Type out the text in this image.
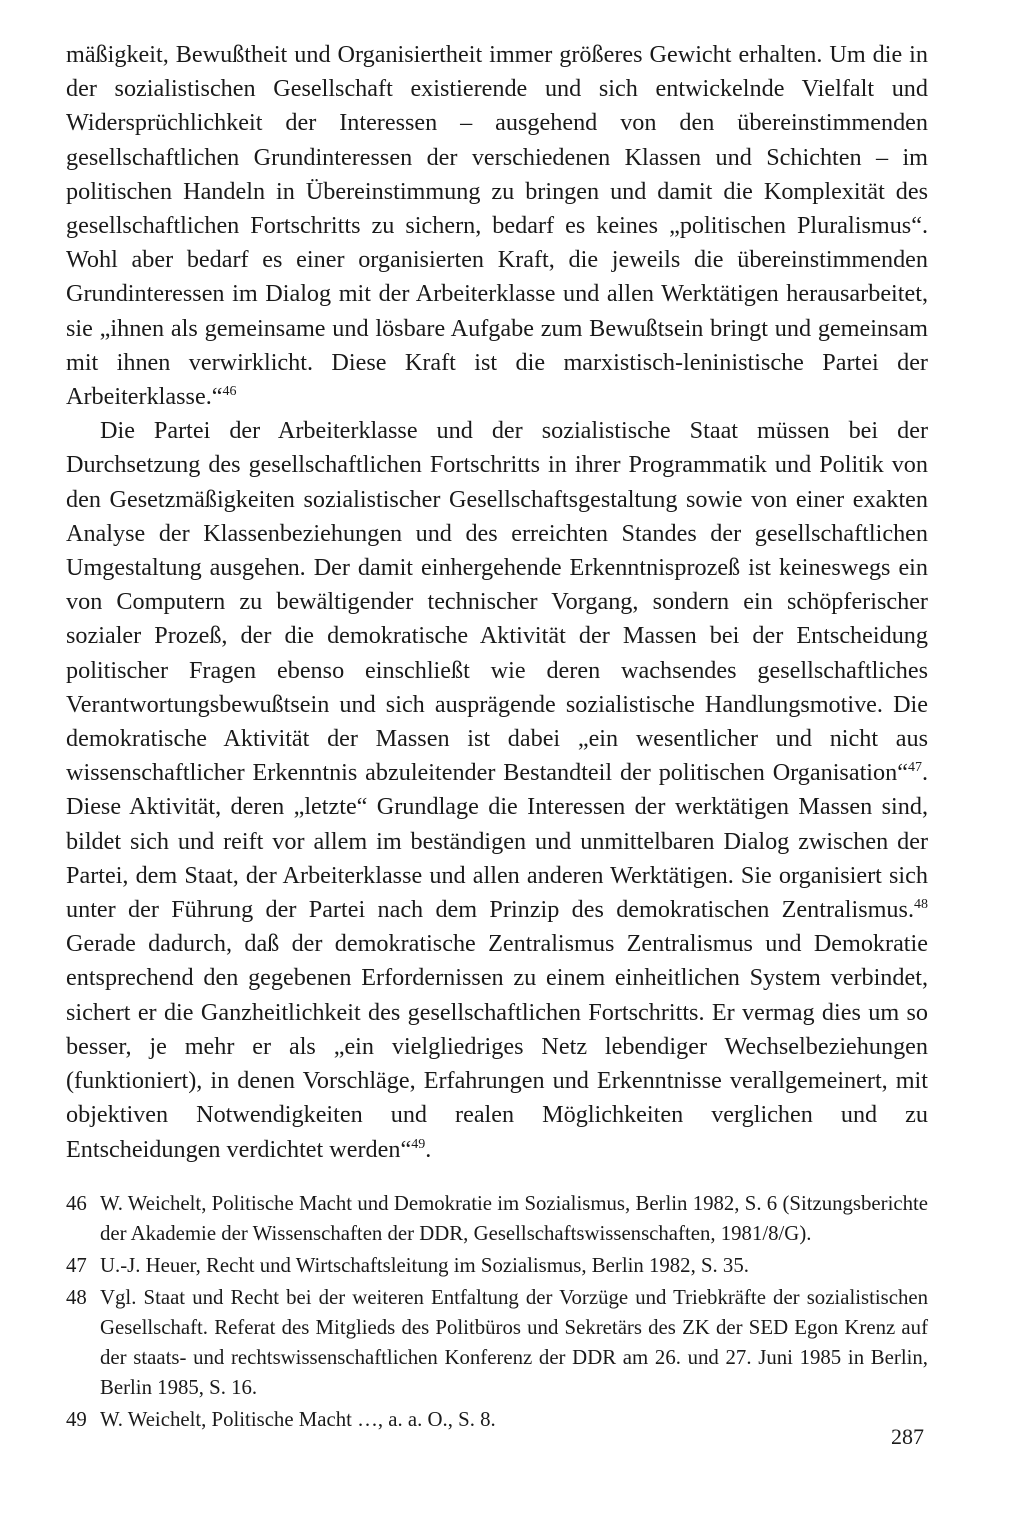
mäßigkeit, Bewußtheit und Organisiertheit immer größeres Gewicht erhalten. Um die in der sozialistischen Gesellschaft existierende und sich entwickelnde Vielfalt und Widersprüchlichkeit der Interessen – ausgehend von den übereinstimmenden gesellschaftlichen Grundinteressen der verschiedenen Klassen und Schichten – im politischen Handeln in Übereinstimmung zu bringen und damit die Komplexität des gesellschaftlichen Fortschritts zu sichern, bedarf es keines „politischen Pluralismus“. Wohl aber bedarf es einer organisierten Kraft, die jeweils die übereinstimmenden Grundinteressen im Dialog mit der Arbeiterklasse und allen Werktätigen herausarbeitet, sie „ihnen als gemeinsame und lösbare Aufgabe zum Bewußtsein bringt und gemeinsam mit ihnen verwirklicht. Diese Kraft ist die marxistisch-leninistische Partei der Arbeiterklasse.“$^{46}$

Die Partei der Arbeiterklasse und der sozialistische Staat müssen bei der Durchsetzung des gesellschaftlichen Fortschritts in ihrer Programmatik und Politik von den Gesetzmäßigkeiten sozialistischer Gesellschaftsgestaltung sowie von einer exakten Analyse der Klassenbeziehungen und des erreichten Standes der gesellschaftlichen Umgestaltung ausgehen. Der damit einhergehende Erkenntnisprozeß ist keineswegs ein von Computern zu bewältigender technischer Vorgang, sondern ein schöpferischer sozialer Prozeß, der die demokratische Aktivität der Massen bei der Entscheidung politischer Fragen ebenso einschließt wie deren wachsendes gesellschaftliches Verantwortungsbewußtsein und sich ausprägende sozialistische Handlungsmotive. Die demokratische Aktivität der Massen ist dabei „ein wesentlicher und nicht aus wissenschaftlicher Erkenntnis abzuleitender Bestandteil der politischen Organisation“$^{47}$. Diese Aktivität, deren „letzte“ Grundlage die Interessen der werktätigen Massen sind, bildet sich und reift vor allem im beständigen und unmittelbaren Dialog zwischen der Partei, dem Staat, der Arbeiterklasse und allen anderen Werktätigen. Sie organisiert sich unter der Führung der Partei nach dem Prinzip des demokratischen Zentralismus.$^{48}$ Gerade dadurch, daß der demokratische Zentralismus Zentralismus und Demokratie entsprechend den gegebenen Erfordernissen zu einem einheitlichen System verbindet, sichert er die Ganzheitlichkeit des gesellschaftlichen Fortschritts. Er vermag dies um so besser, je mehr er als „ein vielgliedriges Netz lebendiger Wechselbeziehungen (funktioniert), in denen Vorschläge, Erfahrungen und Erkenntnisse verallgemeinert, mit objektiven Notwendigkeiten und realen Möglichkeiten verglichen und zu Entscheidungen verdichtet werden“$^{49}$.

46 W. Weichelt, Politische Macht und Demokratie im Sozialismus, Berlin 1982, S. 6 (Sitzungsberichte der Akademie der Wissenschaften der DDR, Gesellschaftswissenschaften, 1981/8/G).
47 U.-J. Heuer, Recht und Wirtschaftsleitung im Sozialismus, Berlin 1982, S. 35.
48 Vgl. Staat und Recht bei der weiteren Entfaltung der Vorzüge und Triebkräfte der sozialistischen Gesellschaft. Referat des Mitglieds des Politbüros und Sekretärs des ZK der SED Egon Krenz auf der staats- und rechtswissenschaftlichen Konferenz der DDR am 26. und 27. Juni 1985 in Berlin, Berlin 1985, S. 16.
49 W. Weichelt, Politische Macht …, a. a. O., S. 8.
287
